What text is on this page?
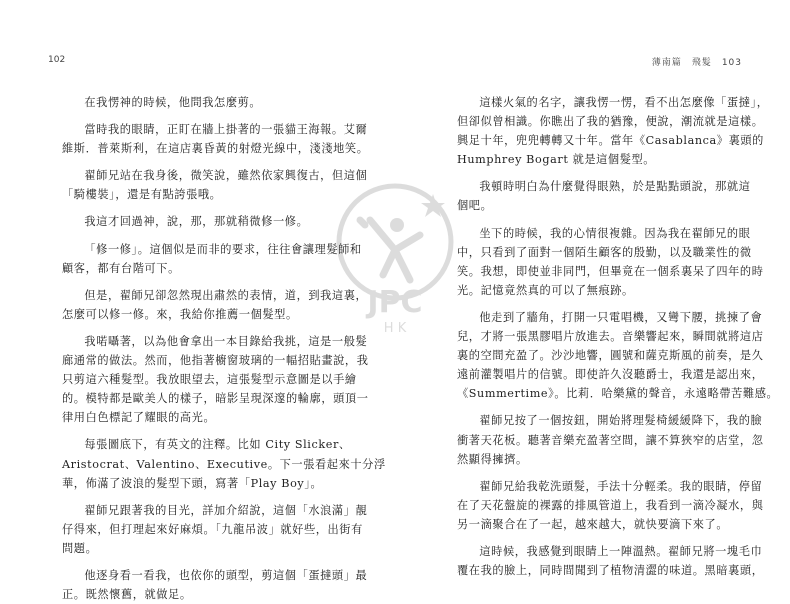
102
在我愣神的時候，他問我怎麼剪。
當時我的眼睛，正盯在牆上掛著的一張貓王海報。艾爾
維斯．普萊斯利，在這店裏昏黃的射燈光線中，淺淺地笑。
翟師兄站在我身後，微笑說，雖然依家興復古，但這個
「騎樓裝」，還是有點誇張哦。
我這才回過神，說，那，那就稍微修一修。
「修一修」。這個似是而非的要求，往往會讓理髮師和
顧客，都有台階可下。
但是，翟師兄卻忽然現出肅然的表情，道，到我這裏，
怎麼可以修一修。來，我給你推薦一個髮型。
我喏囁著，以為他會拿出一本目錄給我挑，這是一般髮
廊通常的做法。然而，他指著櫥窗玻璃的一幅招貼畫說，我
只剪這六種髮型。我放眼望去，這張髮型示意圖是以手繪
的。模特都是歐美人的樣子，暗影呈現深邃的輪廓，頭頂一
律用白色標記了耀眼的高光。
每張圖底下，有英文的注釋。比如 City Slicker、
Aristocrat、Valentino、Executive。下一張看起來十分浮
華，佈滿了波浪的髮型下頭，寫著「Play Boy」。
翟師兄跟著我的目光，詳加介紹說，這個「水浪滿」靚
仔得來，但打理起來好麻煩。「九龍吊波」就好些，出街有
問題。
他逐身看一看我，也依你的頭型，剪這個「蛋撻頭」最
正。既然懷舊，就做足。
薄南篇 飛髮 103
這樣火氣的名字，讓我愣一愣，看不出怎麼像「蛋撻」，
但卻似曾相識。你瞧出了我的猶豫，便說，潮流就是這樣。
興足十年，兜兜轉轉又十年。當年《Casablanca》裏頭的
Humphrey Bogart 就是這個髮型。
我頓時明白為什麼覺得眼熟，於是點點頭說，那就這
個吧。
坐下的時候，我的心情很複雜。因為我在翟師兄的眼
中，只看到了面對一個陌生顧客的殷勤，以及職業性的微
笑。我想，即使並非同門，但畢竟在一個系裏呆了四年的時
光。記憶竟然真的可以了無痕跡。
他走到了牆角，打開一只電唱機，又彎下腰，挑揀了會
兒，才將一張黑膠唱片放進去。音樂響起來，瞬間就將這店
裏的空間充盈了。沙沙地響，圓號和薩克斯風的前奏，是久
遠前灌製唱片的信號。即使許久沒聽爵士，我還是認出來，
《Summertime》。比莉．哈樂黛的聲音，永遠略帶苦難感。
翟師兄按了一個按鈕，開始將理髮椅緩緩降下，我的臉
衝著天花板。聽著音樂充盈著空間，讓不算狹窄的店堂，忽
然顯得擁擠。
翟師兄給我乾洗頭髮，手法十分輕柔。我的眼睛，停留
在了天花盤旋的裸露的排風管道上，我看到一滴冷凝水，與
另一滴聚合在了一起，越來越大，就快要滴下來了。
這時候，我感覺到眼睛上一陣溫熱。翟師兄將一塊毛巾
覆在我的臉上，同時間聞到了植物清澀的味道。黑暗裏頭，
JPC
H K
